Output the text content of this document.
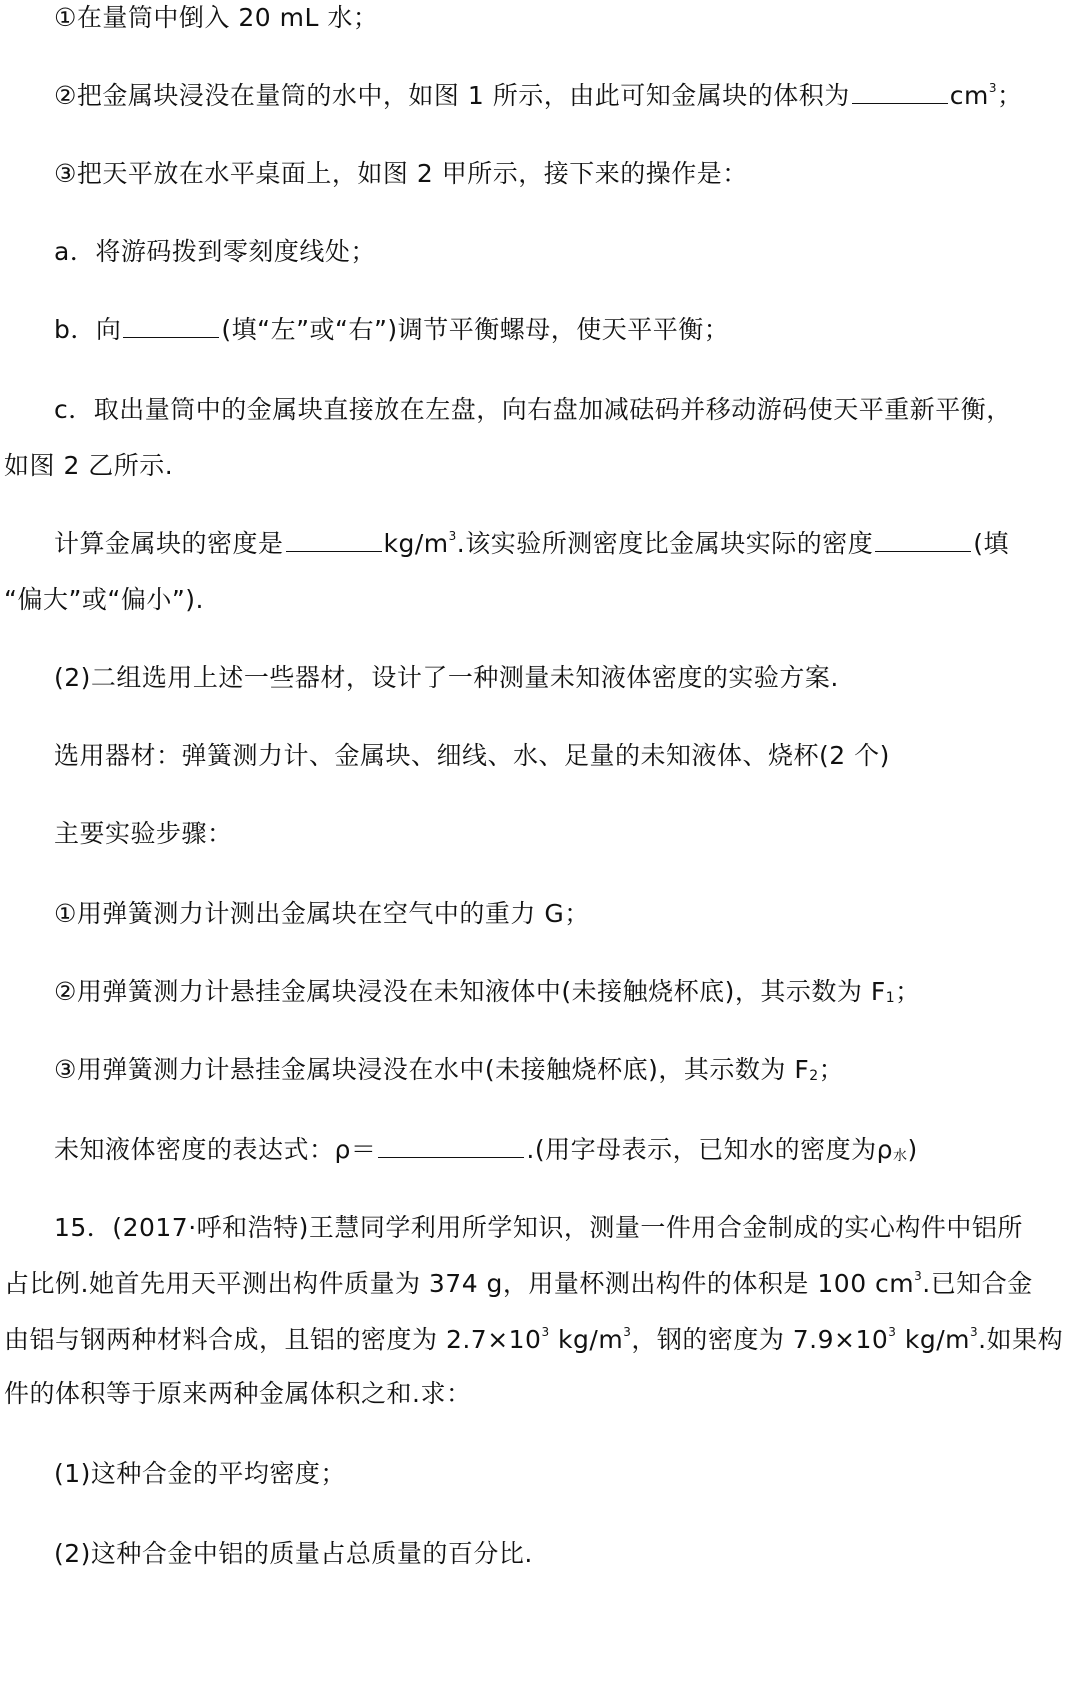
①在量筒中倒入 20 mL 水；
②把金属块浸没在量筒的水中，如图 1 所示，由此可知金属块的体积为	$cm^3$；
③把天平放在水平桌面上，如图 2 甲所示，接下来的操作是：
a．将游码拨到零刻度线处；
b．向	(填“左”或“右”)调节平衡螺母，使天平平衡；
c．取出量筒中的金属块直接放在左盘，向右盘加减砝码并移动游码使天平重新平衡，
如图 2 乙所示.
计算金属块的密度是	$kg/m^3$.该实验所测密度比金属块实际的密度	(填
“偏大”或“偏小”).
(2)二组选用上述一些器材，设计了一种测量未知液体密度的实验方案.
选用器材：弹簧测力计、金属块、细线、水、足量的未知液体、烧杯(2 个)
主要实验步骤：
①用弹簧测力计测出金属块在空气中的重力 G；
②用弹簧测力计悬挂金属块浸没在未知液体中(未接触烧杯底)，其示数为 $F_1$；
③用弹簧测力计悬挂金属块浸没在水中(未接触烧杯底)，其示数为 $F_2$；
未知液体密度的表达式：ρ＝	.(用字母表示，已知水的密度为$\rho_水$)
15．(2017·呼和浩特)王慧同学利用所学知识，测量一件用合金制成的实心构件中铝所
占比例.她首先用天平测出构件质量为 374 g，用量杯测出构件的体积是 100 $cm^3$.已知合金
由铝与钢两种材料合成，且铝的密度为 $2.7\times 10^3$ $kg/m^3$，钢的密度为 $7.9\times 10^3$ $kg/m^3$.如果构
件的体积等于原来两种金属体积之和.求：
(1)这种合金的平均密度；
(2)这种合金中铝的质量占总质量的百分比.
